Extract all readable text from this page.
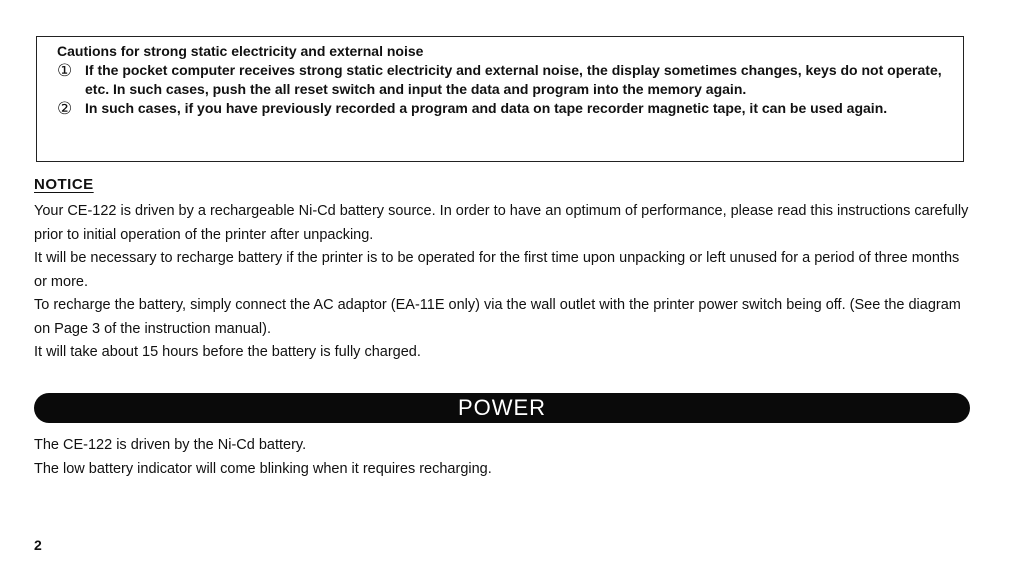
Cautions for strong static electricity and external noise
① If the pocket computer receives strong static electricity and external noise, the display sometimes changes, keys do not operate, etc. In such cases, push the all reset switch and input the data and program into the memory again.
② In such cases, if you have previously recorded a program and data on tape recorder magnetic tape, it can be used again.
NOTICE

Your CE-122 is driven by a rechargeable Ni-Cd battery source. In order to have an optimum of performance, please read this instructions carefully prior to initial operation of the printer after unpacking.

It will be necessary to recharge battery if the printer is to be operated for the first time upon unpacking or left unused for a period of three months or more.

To recharge the battery, simply connect the AC adaptor (EA-11E only) via the wall outlet with the printer power switch being off. (See the diagram on Page 3 of the instruction manual).

It will take about 15 hours before the battery is fully charged.

POWER

The CE-122 is driven by the Ni-Cd battery.

The low battery indicator will come blinking when it requires recharging.

2
